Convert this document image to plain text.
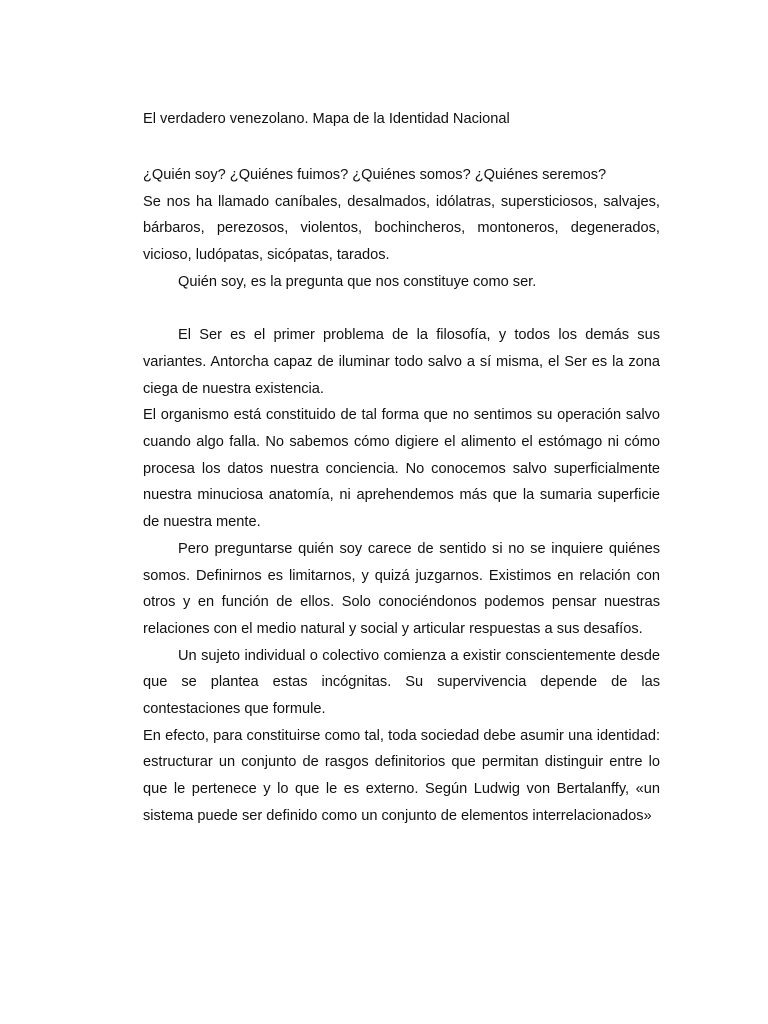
El verdadero venezolano. Mapa de la Identidad Nacional

¿Quién soy? ¿Quiénes fuimos? ¿Quiénes somos? ¿Quiénes seremos?

Se nos ha llamado caníbales, desalmados, idólatras, supersticiosos, salvajes, bárbaros, perezosos, violentos, bochincheros, montoneros, degenerados, vicioso, ludópatas, sicópatas, tarados.

Quién soy, es la pregunta que nos constituye como ser.

El Ser es el primer problema de la filosofía, y todos los demás sus variantes. Antorcha capaz de iluminar todo salvo a sí misma, el Ser es la zona ciega de nuestra existencia.

El organismo está constituido de tal forma que no sentimos su operación salvo cuando algo falla. No sabemos cómo digiere el alimento el estómago ni cómo procesa los datos nuestra conciencia. No conocemos salvo superficialmente nuestra minuciosa anatomía, ni aprehendemos más que la sumaria superficie de nuestra mente.

Pero preguntarse quién soy carece de sentido si no se inquiere quiénes somos. Definirnos es limitarnos, y quizá juzgarnos. Existimos en relación con otros y en función de ellos. Solo conociéndonos podemos pensar nuestras relaciones con el medio natural y social y articular respuestas a sus desafíos.

Un sujeto individual o colectivo comienza a existir conscientemente desde que se plantea estas incógnitas. Su supervivencia depende de las contestaciones que formule.

En efecto, para constituirse como tal, toda sociedad debe asumir una identidad: estructurar un conjunto de rasgos definitorios que permitan distinguir entre lo que le pertenece y lo que le es externo. Según Ludwig von Bertalanffy, «un sistema puede ser definido como un conjunto de elementos interrelacionados»
